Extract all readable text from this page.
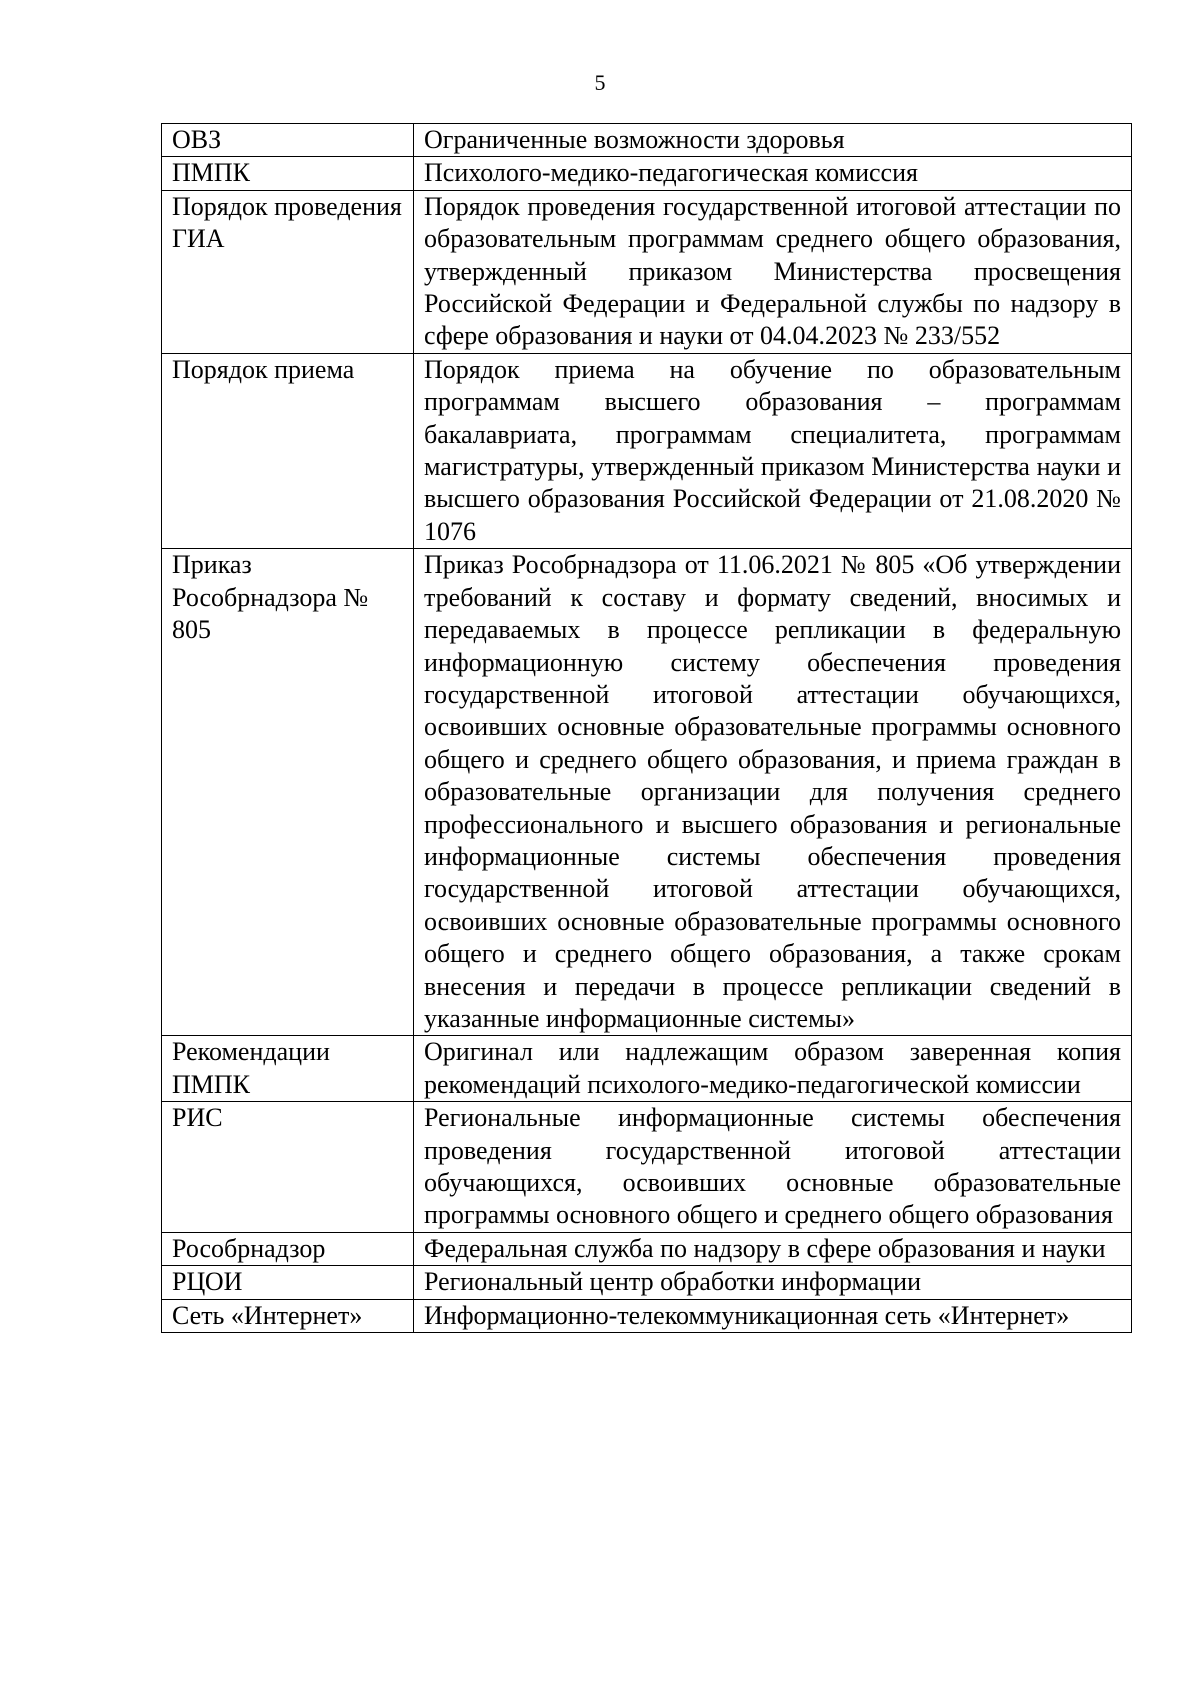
5
ОВЗ	Ограниченные возможности здоровья
ПМПК	Психолого-медико-педагогическая комиссия
Порядок проведения ГИА	Порядок проведения государственной итоговой аттестации по образовательным программам среднего общего образования, утвержденный приказом Министерства просвещения Российской Федерации и Федеральной службы по надзору в сфере образования и науки от 04.04.2023 № 233/552
Порядок приема	Порядок приема на обучение по образовательным программам высшего образования – программам бакалавриата, программам специалитета, программам магистратуры, утвержденный приказом Министерства науки и высшего образования Российской Федерации от 21.08.2020 № 1076
Приказ Рособрнадзора № 805	Приказ Рособрнадзора от 11.06.2021 № 805 «Об утверждении требований к составу и формату сведений, вносимых и передаваемых в процессе репликации в федеральную информационную систему обеспечения проведения государственной итоговой аттестации обучающихся, освоивших основные образовательные программы основного общего и среднего общего образования, и приема граждан в образовательные организации для получения среднего профессионального и высшего образования и региональные информационные системы обеспечения проведения государственной итоговой аттестации обучающихся, освоивших основные образовательные программы основного общего и среднего общего образования, а также срокам внесения и передачи в процессе репликации сведений в указанные информационные системы»
Рекомендации ПМПК	Оригинал или надлежащим образом заверенная копия рекомендаций психолого-медико-педагогической комиссии
РИС	Региональные информационные системы обеспечения проведения государственной итоговой аттестации обучающихся, освоивших основные образовательные программы основного общего и среднего общего образования
Рособрнадзор	Федеральная служба по надзору в сфере образования и науки
РЦОИ	Региональный центр обработки информации
Сеть «Интернет»	Информационно-телекоммуникационная сеть «Интернет»
